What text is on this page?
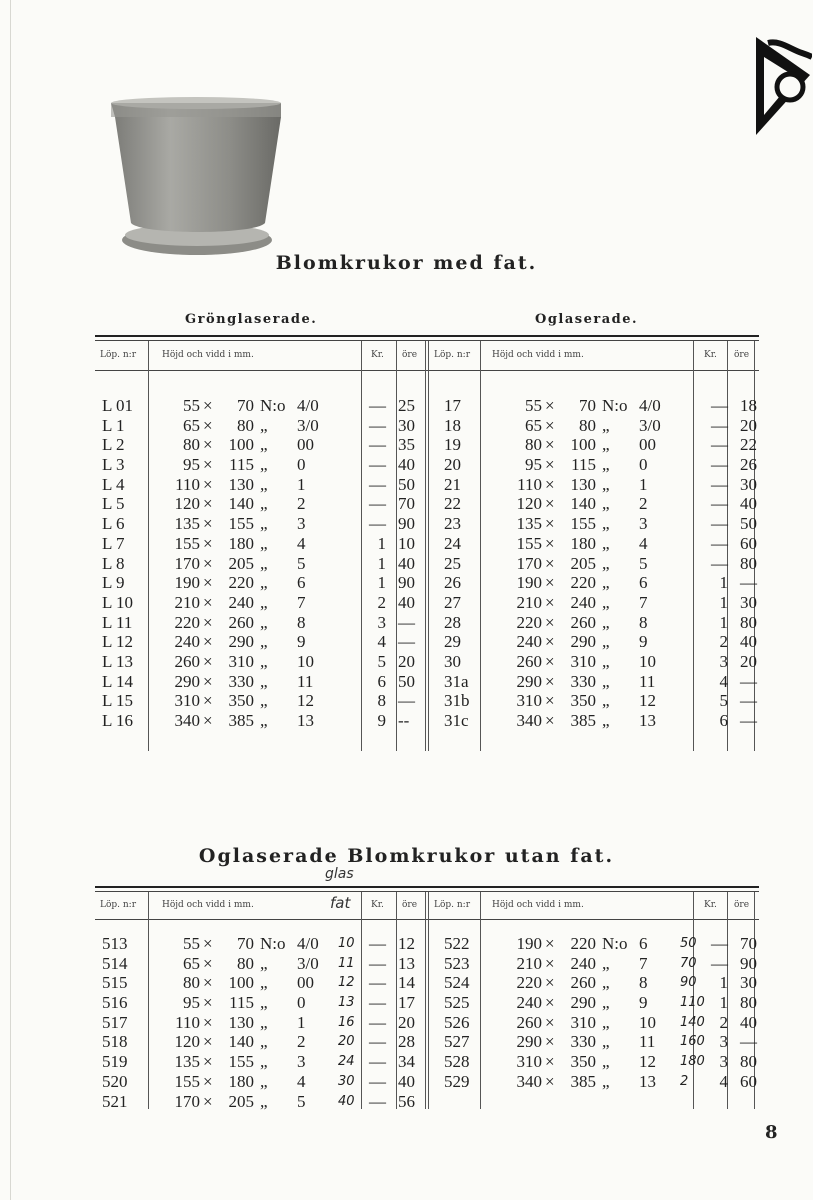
Blomkrukor med fat.
Grönglaserade.	Oglaserade.
Löp. n:r	Höjd och vidd i mm.	Kr. öre Löp. n:r Höjd och vidd i mm.	Kr. öre
L 01	55 ×	70 N:o 4/0	— 25
L 1	65 ×	80 „	3/0	— 30
L 2	80 × 100 „	00	— 35
L 3	95 × 115 „	0	— 40
L 4	110 × 130 „	1	— 50
L 5	120 × 140 „	2	— 70
L 6	135 × 155 „	3	— 90
L 7	155 × 180 „	4	1 10
L 8	170 × 205 „	5	1 40
L 9	190 × 220 „	6	1 90
L 10	210 × 240 „	7	2 40
L 11	220 × 260 „	8	3 —
L 12	240 × 290 „	9	4 —
L 13	260 × 310 „	10	5 20
L 14	290 × 330 „	11	6 50
L 15	310 × 350 „	12	8 —
L 16	340 × 385 „	13	9 --
17	55 ×	70 N:o 4/0	— 18
18	65 ×	80 „	3/0	— 20
19	80 × 100 „	00	— 22
20	95 × 115 „	0	— 26
21	110 × 130 „	1	— 30
22	120 × 140 „	2	— 40
23	135 × 155 „	3	— 50
24	155 × 180 „	4	— 60
25	170 × 205 „	5	— 80
26	190 × 220 „	6	1 —
27	210 × 240 „	7	1 30
28	220 × 260 „	8	1 80
29	240 × 290 „	9	2 40
30	260 × 310 „	10	3 20
31a	290 × 330 „	11	4 —
31b	310 × 350 „	12	5 —
31c	340 × 385 „	13	6 —
Oglaserade Blomkrukor utan fat.
glas
Löp. n:r	Höjd och vidd i mm.	fat Kr. öre Löp. n:r Höjd och vidd i mm.	Kr. öre
513	55 ×	70 N:o 4/0	10 — 12
514	65 ×	80 „	3/0	11 — 13
515	80 × 100 „	00	12 — 14
516	95 × 115 „	0	13 — 17
517	110 × 130 „	1	16 — 20
518	120 × 140 „	2	20 — 28
519	135 × 155 „	3	24 — 34
520	155 × 180 „	4	30 — 40
521	170 × 205 „	5	40 — 56
522	190 × 220 N:o 6	50 — 70
523	210 × 240 „	7	70 — 90
524	220 × 260 „	8	90	1 30
525	240 × 290 „	9	110 1 80
526	260 × 310 „	10	140 2 40
527	290 × 330 „	11	160 3 —
528	310 × 350 „	12	180 3 80
529	340 × 385 „	13	2	4 60
8
